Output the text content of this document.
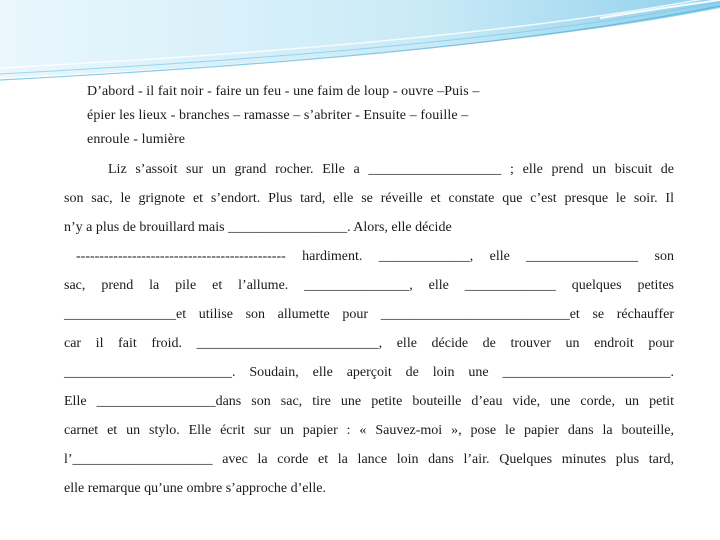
D’abord - il fait noir - faire un feu - une faim de loup - ouvre –Puis –
épier les lieux - branches – ramasse – s’abriter - Ensuite – fouille –
enroule - lumière
Liz s’assoit sur un grand rocher. Elle a ___________________ ; elle prend un biscuit de
son sac, le grignote et s’endort. Plus tard, elle se réveille et constate que c’est presque le soir. Il
n’y a plus de brouillard mais _________________. Alors, elle décide
--------------------------------------------- hardiment. _____________, elle ________________ son
sac, prend la pile et l’allume. _______________, elle _____________ quelques petites
________________et utilise son allumette pour ___________________________et se réchauffer
car il fait froid. __________________________, elle décide de trouver un endroit pour
________________________. Soudain, elle aperçoit de loin une ________________________.
Elle _________________dans son sac, tire une petite bouteille d’eau vide, une corde, un petit
carnet et un stylo. Elle écrit sur un papier : « Sauvez-moi », pose le papier dans la bouteille,
l’____________________ avec la corde et la lance loin dans l’air. Quelques minutes plus tard,
elle remarque qu’une ombre s’approche d’elle.
